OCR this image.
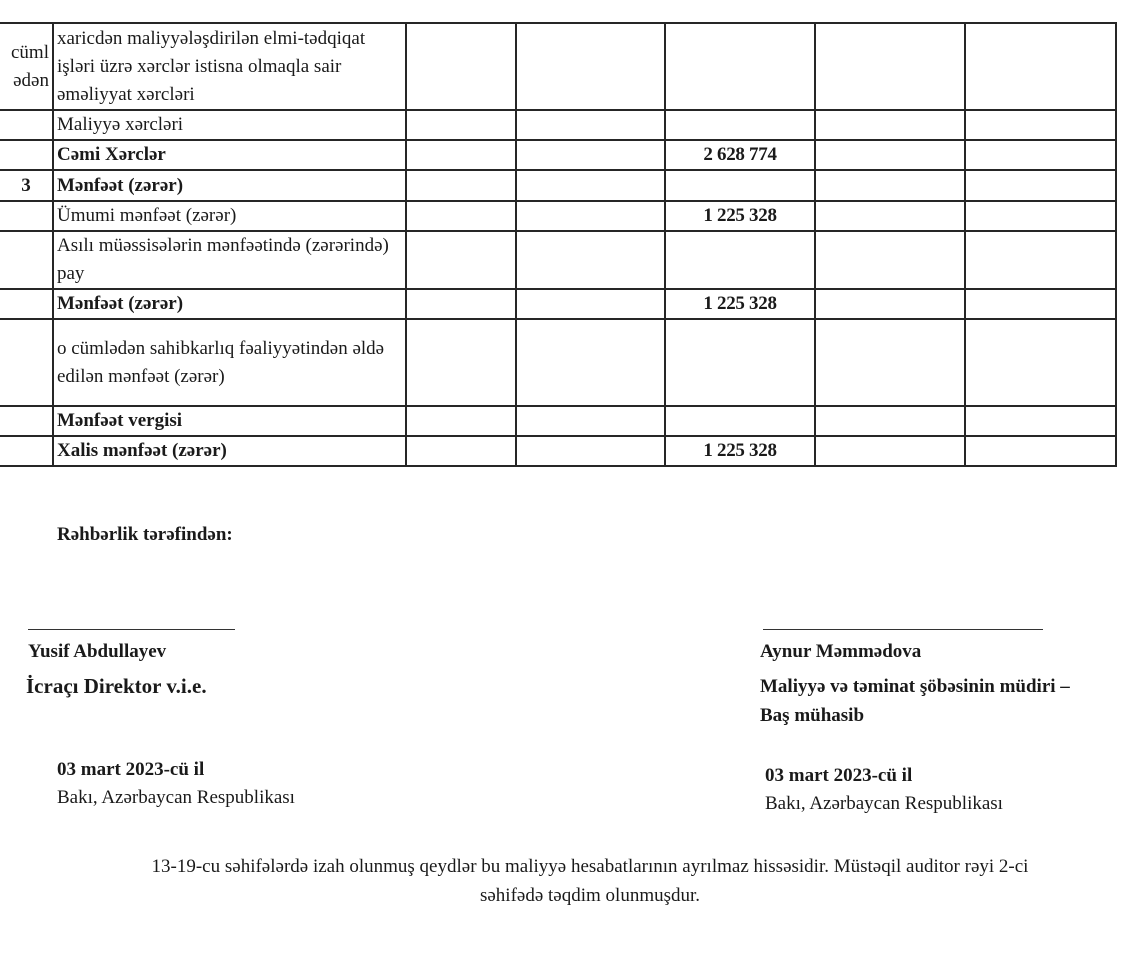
cüml ədən	xaricdən maliyyələşdirilən elmi-tədqiqat işləri üzrə xərclər istisna olmaqla sair əməliyyat xərcləri					
	Maliyyə xərcləri					
	Cəmi Xərclər			2 628 774		
3	Mənfəət (zərər)					
	Ümumi mənfəət (zərər)			1 225 328		
	Asılı müəssisələrin mənfəətində (zərərində) pay					
	Mənfəət (zərər)			1 225 328		
	o cümlədən sahibkarlıq fəaliyyətindən əldə edilən mənfəət (zərər)					
	Mənfəət vergisi					
	Xalis mənfəət (zərər)			1 225 328		
Rəhbərlik tərəfindən:
Yusif Abdullayev
İcraçı Direktor v.i.e.
03 mart 2023-cü il
Bakı, Azərbaycan Respublikası
Aynur Məmmədova
Maliyyə və təminat şöbəsinin müdiri –
Baş mühasib
03 mart 2023-cü il
Bakı, Azərbaycan Respublikası
13-19-cu səhifələrdə izah olunmuş qeydlər bu maliyyə hesabatlarının ayrılmaz hissəsidir. Müstəqil auditor rəyi 2-ci
səhifədə təqdim olunmuşdur.
